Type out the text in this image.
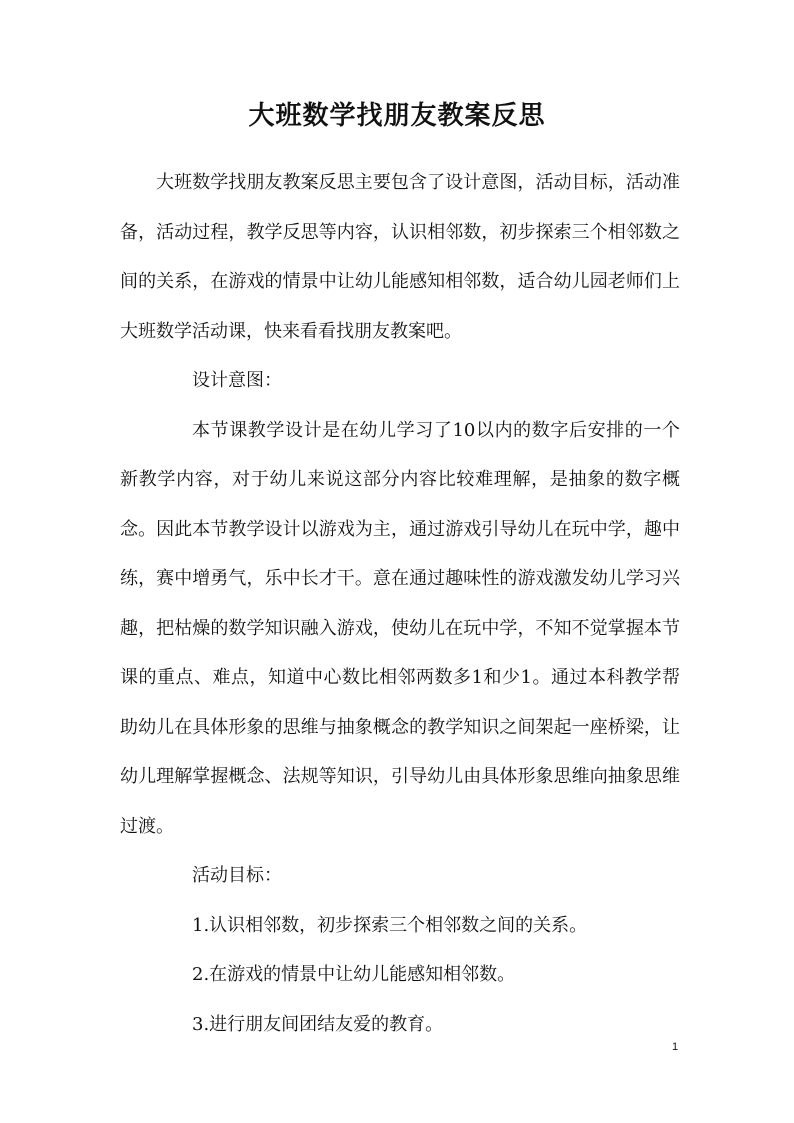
大班数学找朋友教案反思

大班数学找朋友教案反思主要包含了设计意图，活动目标，活动准备，活动过程，教学反思等内容，认识相邻数，初步探索三个相邻数之间的关系，在游戏的情景中让幼儿能感知相邻数，适合幼儿园老师们上大班数学活动课，快来看看找朋友教案吧。

设计意图：

本节课教学设计是在幼儿学习了10以内的数字后安排的一个新教学内容，对于幼儿来说这部分内容比较难理解，是抽象的数字概念。因此本节教学设计以游戏为主，通过游戏引导幼儿在玩中学，趣中练，赛中增勇气，乐中长才干。意在通过趣味性的游戏激发幼儿学习兴趣，把枯燥的数学知识融入游戏，使幼儿在玩中学，不知不觉掌握本节课的重点、难点，知道中心数比相邻两数多1和少1。通过本科教学帮助幼儿在具体形象的思维与抽象概念的教学知识之间架起一座桥梁，让幼儿理解掌握概念、法规等知识，引导幼儿由具体形象思维向抽象思维过渡。

活动目标：

1.认识相邻数，初步探索三个相邻数之间的关系。

2.在游戏的情景中让幼儿能感知相邻数。

3.进行朋友间团结友爱的教育。

1
